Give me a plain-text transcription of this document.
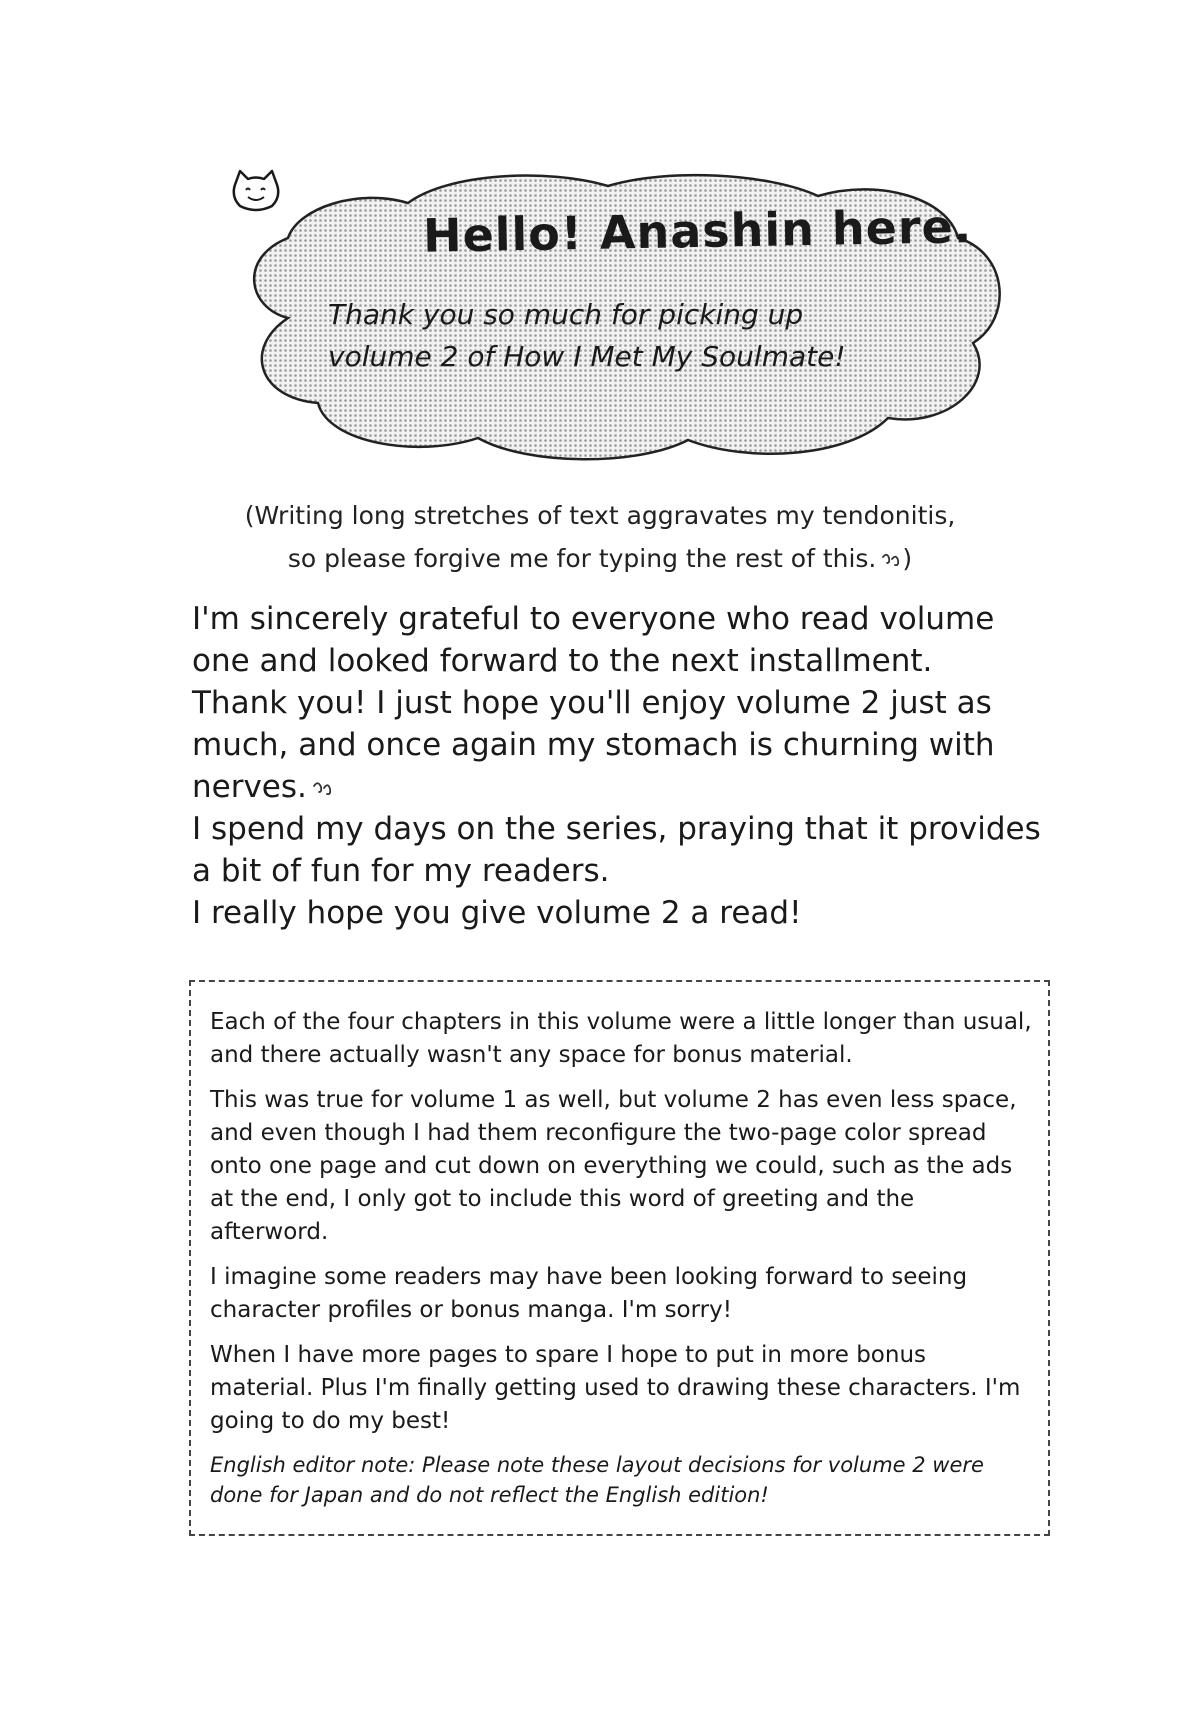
Hello! Anashin here.
Thank you so much for picking up
volume 2 of How I Met My Soulmate!
(Writing long stretches of text aggravates my tendonitis,
so please forgive me for typing the rest of this. )

I'm sincerely grateful to everyone who read volume

one and looked forward to the next installment.

Thank you! I just hope you'll enjoy volume 2 just as

much, and once again my stomach is churning with

nerves.

I spend my days on the series, praying that it provides

a bit of fun for my readers.

I really hope you give volume 2 a read!

Each of the four chapters in this volume were a little longer than usual, and there actually wasn't any space for bonus material.

This was true for volume 1 as well, but volume 2 has even less space, and even though I had them reconfigure the two-page color spread onto one page and cut down on everything we could, such as the ads at the end, I only got to include this word of greeting and the afterword.

I imagine some readers may have been looking forward to seeing character profiles or bonus manga. I'm sorry!

When I have more pages to spare I hope to put in more bonus material. Plus I'm finally getting used to drawing these characters. I'm going to do my best!

English editor note: Please note these layout decisions for volume 2 were done for Japan and do not reflect the English edition!
